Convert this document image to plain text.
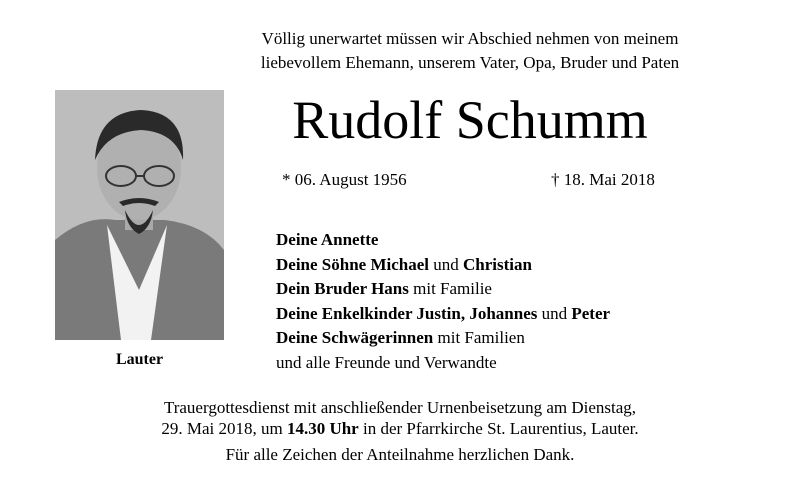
Völlig unerwartet müssen wir Abschied nehmen von meinem
liebevollem Ehemann, unserem Vater, Opa, Bruder und Paten
Rudolf Schumm
* 06. August 1956	† 18. Mai 2018
Lauter
Deine Annette
Deine Söhne Michael und Christian
Dein Bruder Hans mit Familie
Deine Enkelkinder Justin, Johannes und Peter
Deine Schwägerinnen mit Familien
und alle Freunde und Verwandte
Trauergottesdienst mit anschließender Urnenbeisetzung am Dienstag,
29. Mai 2018, um 14.30 Uhr in der Pfarrkirche St. Laurentius, Lauter.
Für alle Zeichen der Anteilnahme herzlichen Dank.
